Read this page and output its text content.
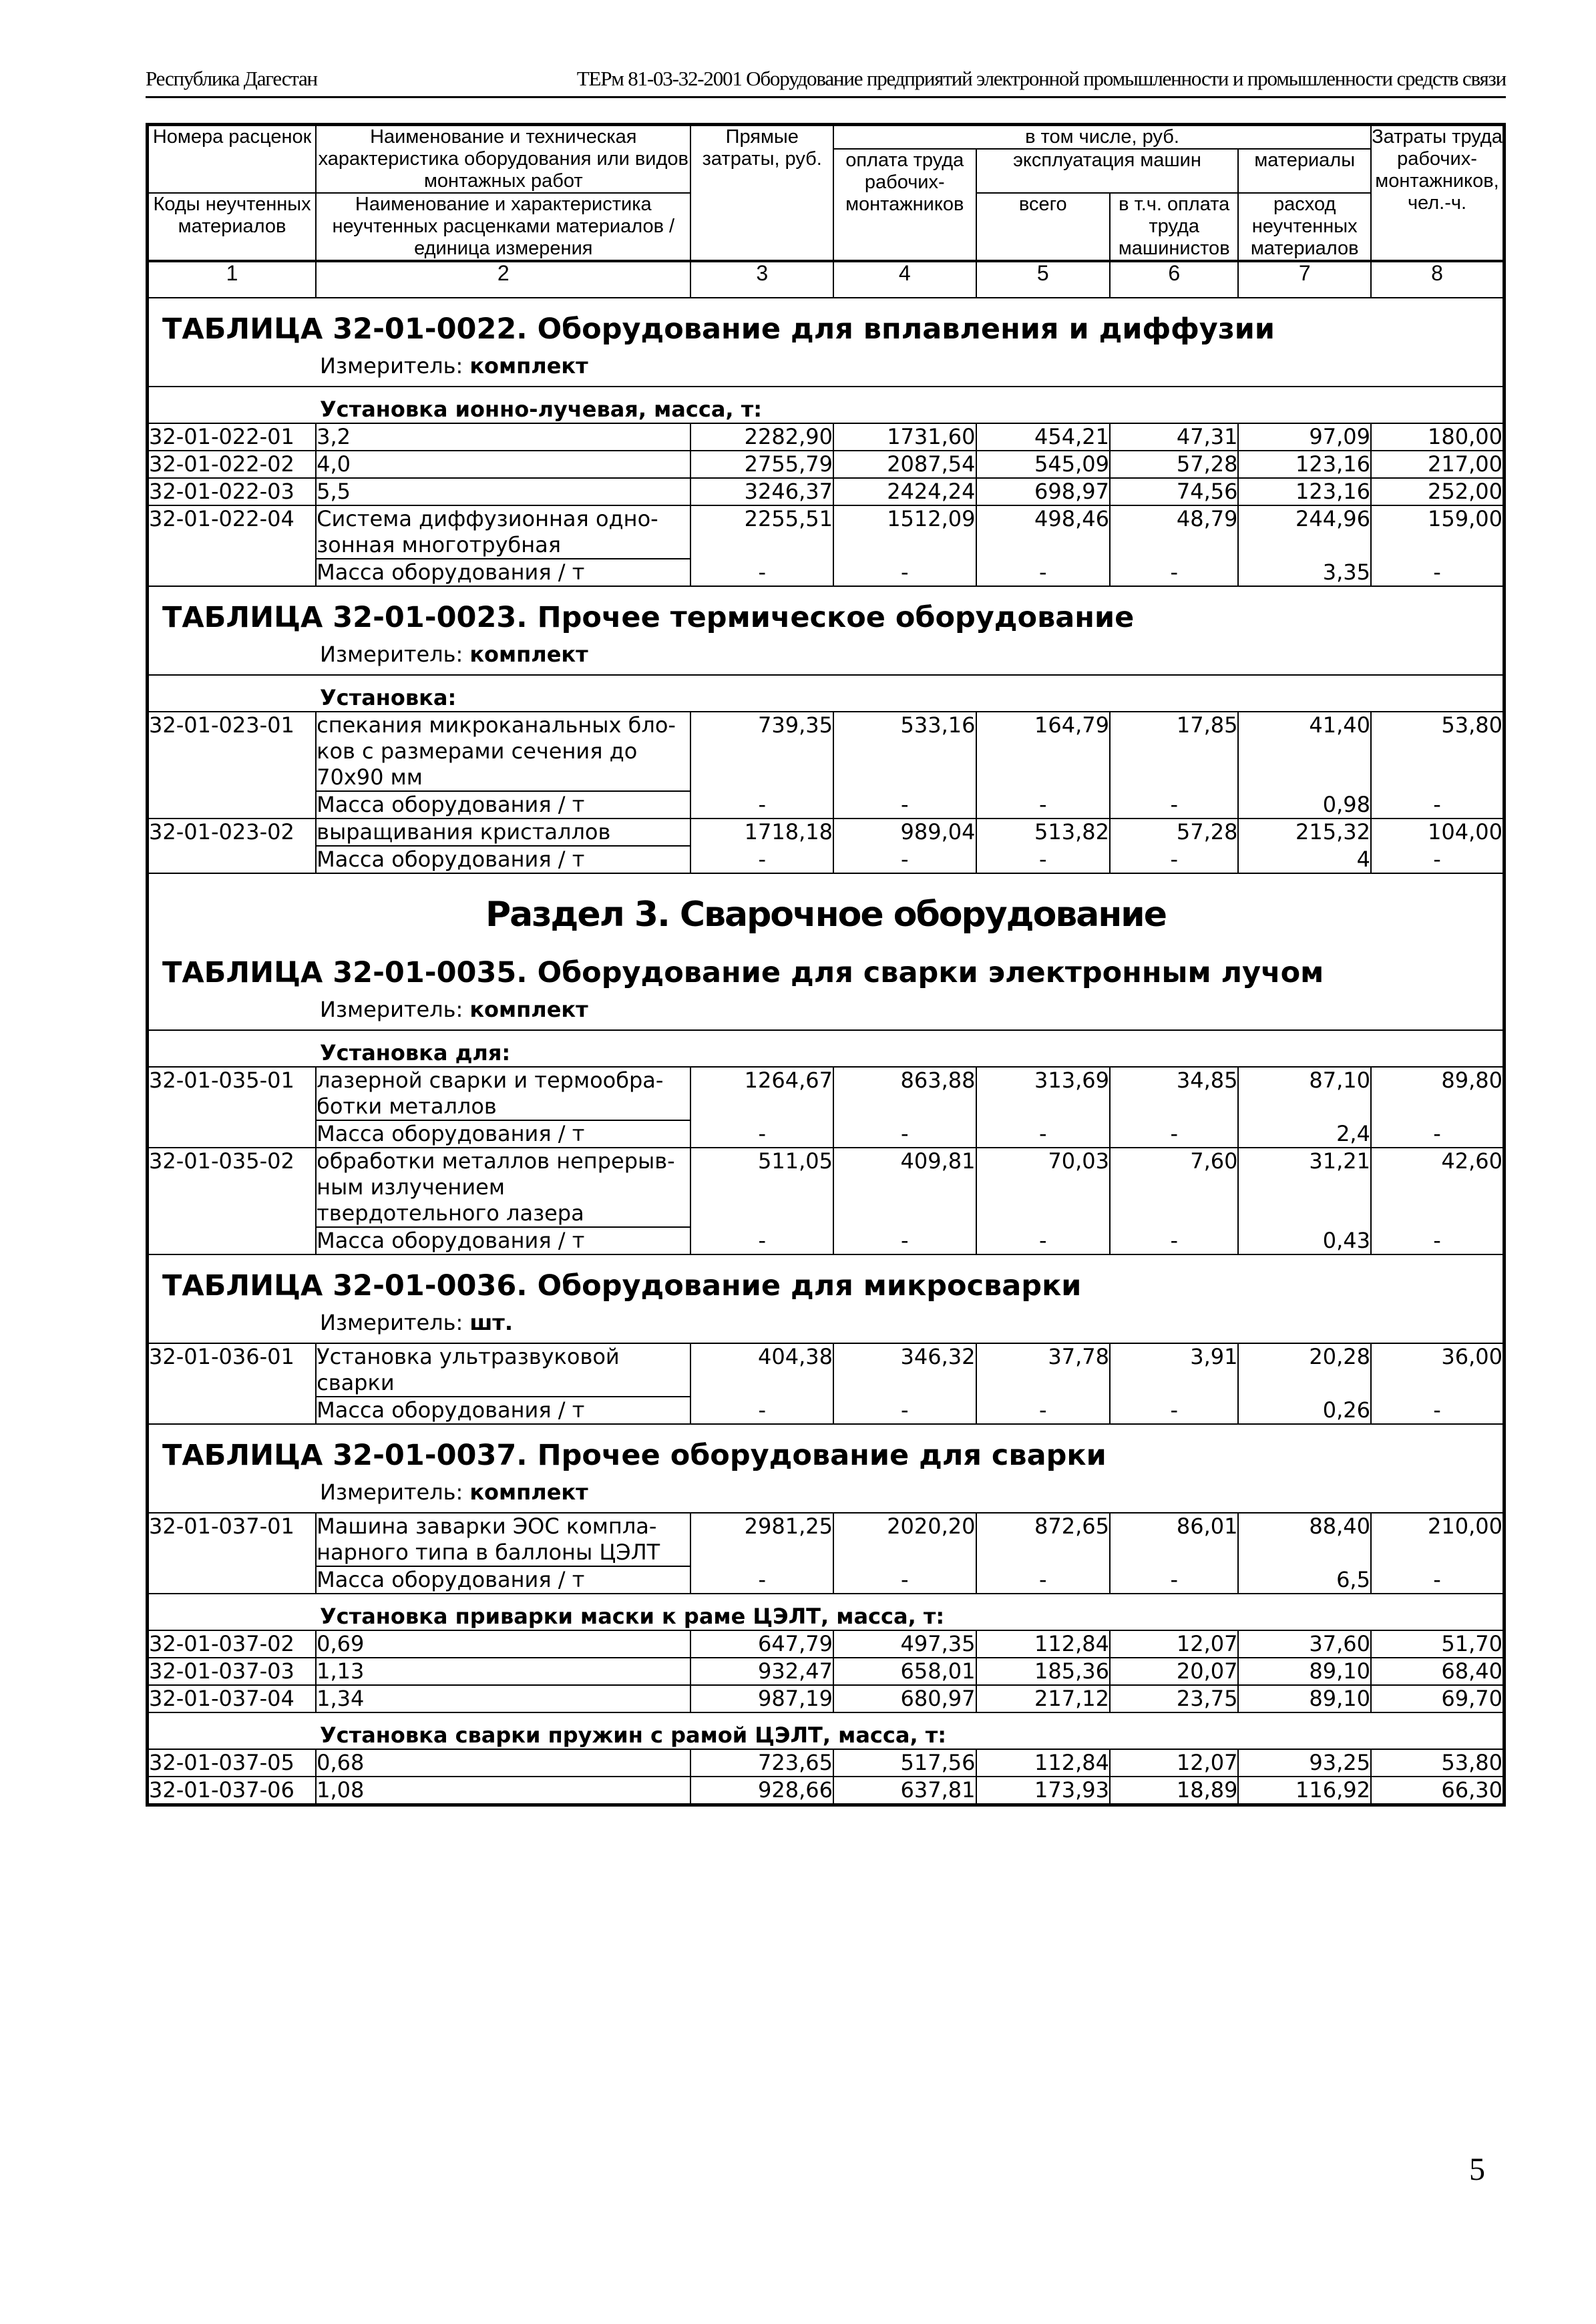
Республика Дагестан	ТЕРм 81-03-32-2001 Оборудование предприятий электронной промышленности и промышленности средств связи
Номера расценок	Наименование и техническая характеристика оборудования или видов монтажных работ	Прямые затраты, руб.	в том числе, руб.				Затраты труда рабочих-монтажников, чел.-ч.
			оплата труда рабочих-монтажников	эксплуатация машин		материалы	
Коды неучтенных материалов	Наименование и характеристика неучтенных расценками материалов / единица измерения			всего	в т.ч. оплата труда машинистов	расход неучтенных материалов	
1	2	3	4	5	6	7	8
ТАБЛИЦА 32-01-0022. Оборудование для вплавления и диффузии							
Измеритель: комплект							
Установка ионно-лучевая, масса, т:							
32-01-022-01	3,2	2282,90	1731,60	454,21	47,31	97,09	180,00
32-01-022-02	4,0	2755,79	2087,54	545,09	57,28	123,16	217,00
32-01-022-03	5,5	3246,37	2424,24	698,97	74,56	123,16	252,00
32-01-022-04	Система диффузионная одно-зонная многотрубная	2255,51	1512,09	498,46	48,79	244,96	159,00
	Масса оборудования / т	-	-	-	-	3,35	-
ТАБЛИЦА 32-01-0023. Прочее термическое оборудование							
Измеритель: комплект							
Установка:							
32-01-023-01	спекания микроканальных бло-ков с размерами сечения до 70х90 мм	739,35	533,16	164,79	17,85	41,40	53,80
	Масса оборудования / т	-	-	-	-	0,98	-
32-01-023-02	выращивания кристаллов	1718,18	989,04	513,82	57,28	215,32	104,00
	Масса оборудования / т	-	-	-	-	4	-
Раздел 3. Сварочное оборудование							
ТАБЛИЦА 32-01-0035. Оборудование для сварки электронным лучом							
Измеритель: комплект							
Установка для:							
32-01-035-01	лазерной сварки и термообра-ботки металлов	1264,67	863,88	313,69	34,85	87,10	89,80
	Масса оборудования / т	-	-	-	-	2,4	-
32-01-035-02	обработки металлов непрерыв-ным излучением твердотельного лазера	511,05	409,81	70,03	7,60	31,21	42,60
	Масса оборудования / т	-	-	-	-	0,43	-
ТАБЛИЦА 32-01-0036. Оборудование для микросварки							
Измеритель: шт.							
32-01-036-01	Установка ультразвуковой сварки	404,38	346,32	37,78	3,91	20,28	36,00
	Масса оборудования / т	-	-	-	-	0,26	-
ТАБЛИЦА 32-01-0037. Прочее оборудование для сварки							
Измеритель: комплект							
32-01-037-01	Машина заварки ЭОС компла-нарного типа в баллоны ЦЭЛТ	2981,25	2020,20	872,65	86,01	88,40	210,00
	Масса оборудования / т	-	-	-	-	6,5	-
Установка приварки маски к раме ЦЭЛТ, масса, т:							
32-01-037-02	0,69	647,79	497,35	112,84	12,07	37,60	51,70
32-01-037-03	1,13	932,47	658,01	185,36	20,07	89,10	68,40
32-01-037-04	1,34	987,19	680,97	217,12	23,75	89,10	69,70
Установка сварки пружин с рамой ЦЭЛТ, масса, т:							
32-01-037-05	0,68	723,65	517,56	112,84	12,07	93,25	53,80
32-01-037-06	1,08	928,66	637,81	173,93	18,89	116,92	66,30
5
